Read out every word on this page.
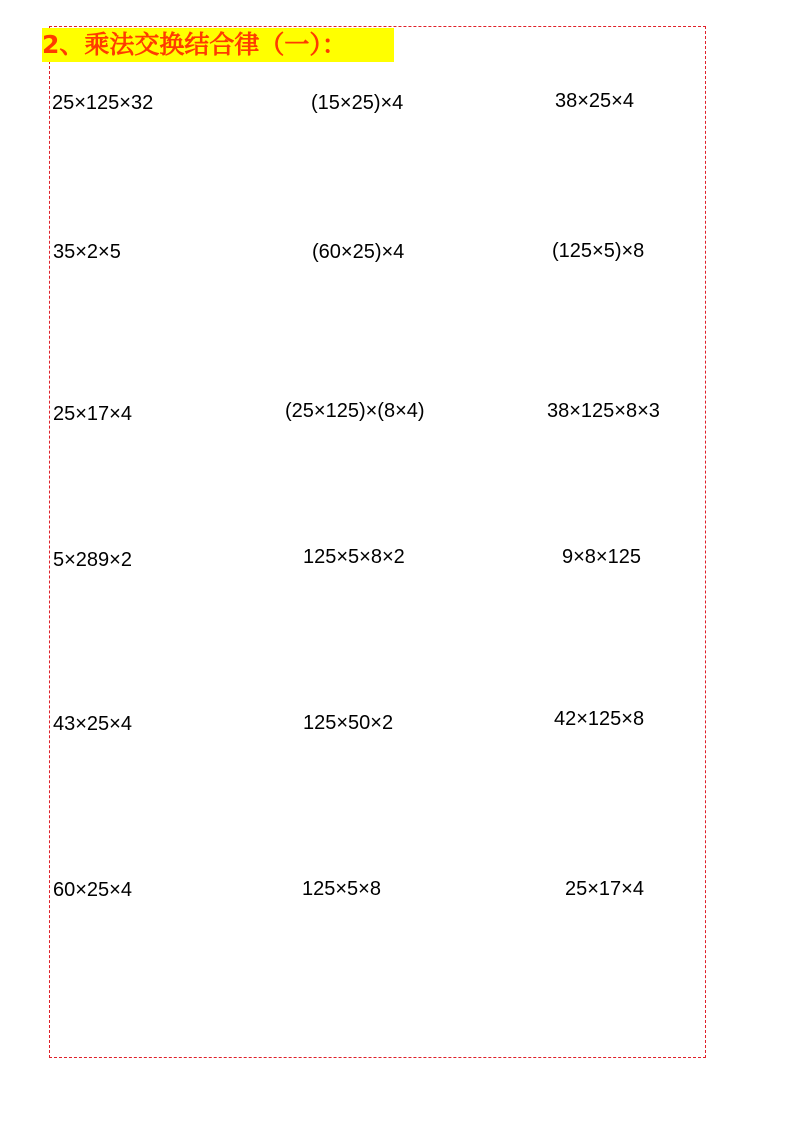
2、乘法交换结合律（一）：
25×125×32	(15×25)×4	38×25×4
35×2×5	(60×25)×4	(125×5)×8
25×17×4	(25×125)×(8×4)	38×125×8×3
5×289×2	125×5×8×2	9×8×125
43×25×4	125×50×2	42×125×8
60×25×4	125×5×8	25×17×4
